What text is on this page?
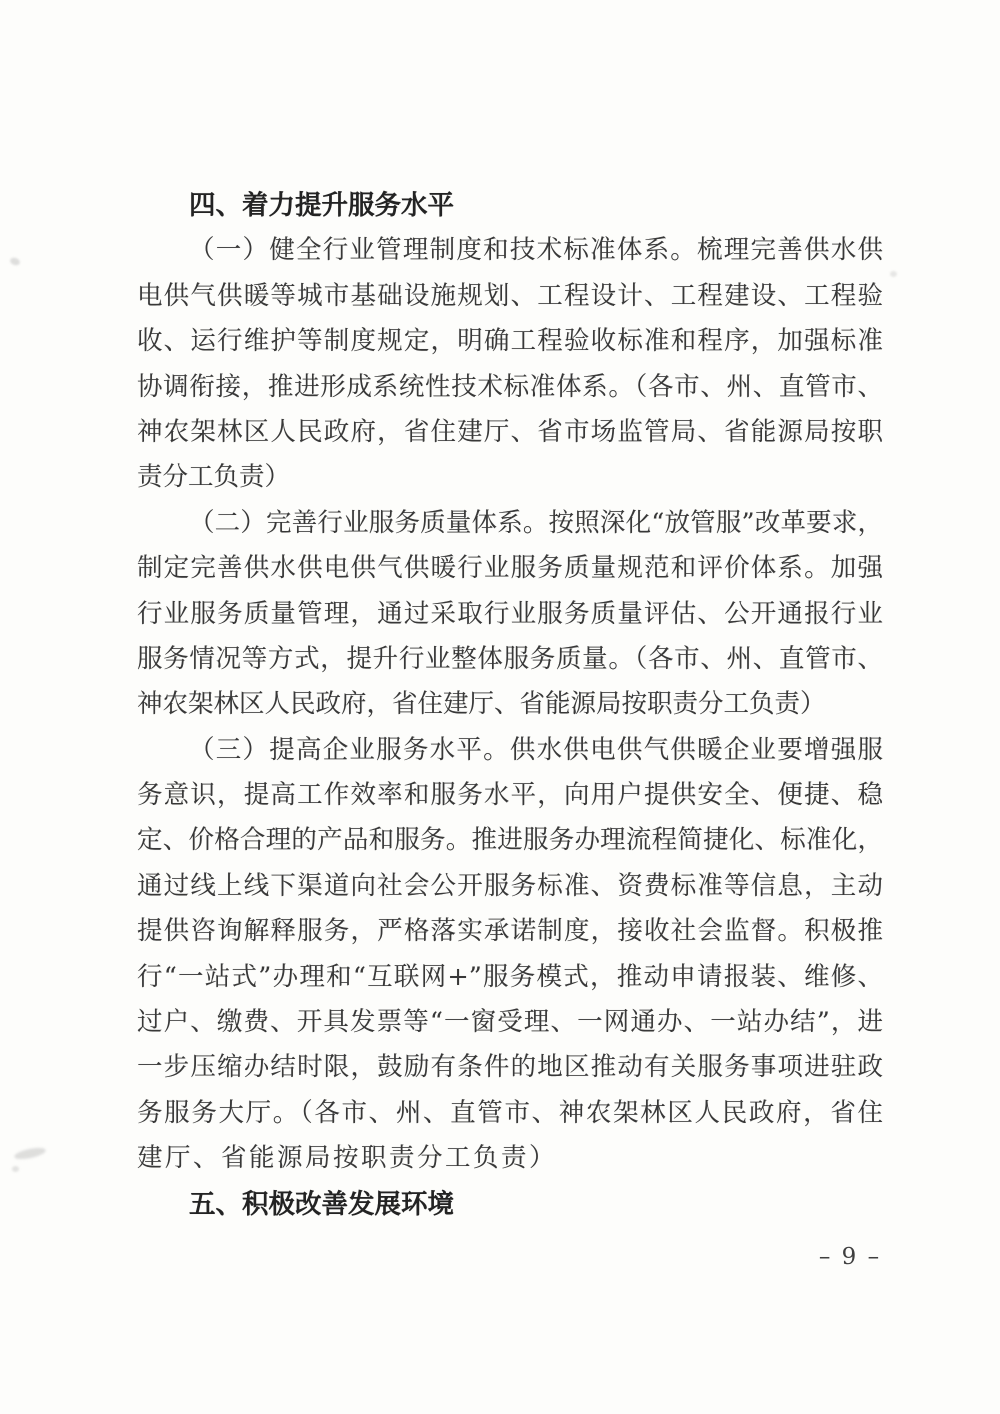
四、着力提升服务水平
（一）健全行业管理制度和技术标准体系。梳理完善供水供
电供气供暖等城市基础设施规划、工程设计、工程建设、工程验
收、运行维护等制度规定，明确工程验收标准和程序，加强标准
协调衔接，推进形成系统性技术标准体系。（各市、州、直管市、
神农架林区人民政府，省住建厅、省市场监管局、省能源局按职
责分工负责）
（二）完善行业服务质量体系。按照深化“放管服”改革要求，
制定完善供水供电供气供暖行业服务质量规范和评价体系。加强
行业服务质量管理，通过采取行业服务质量评估、公开通报行业
服务情况等方式，提升行业整体服务质量。（各市、州、直管市、
神农架林区人民政府，省住建厅、省能源局按职责分工负责）
（三）提高企业服务水平。供水供电供气供暖企业要增强服
务意识，提高工作效率和服务水平，向用户提供安全、便捷、稳
定、价格合理的产品和服务。推进服务办理流程简捷化、标准化，
通过线上线下渠道向社会公开服务标准、资费标准等信息，主动
提供咨询解释服务，严格落实承诺制度，接收社会监督。积极推
行“一站式”办理和“互联网+”服务模式，推动申请报装、维修、
过户、缴费、开具发票等“一窗受理、一网通办、一站办结”，进
一步压缩办结时限，鼓励有条件的地区推动有关服务事项进驻政
务服务大厅。（各市、州、直管市、神农架林区人民政府，省住
建厅、省能源局按职责分工负责）
五、积极改善发展环境
– 9 –
